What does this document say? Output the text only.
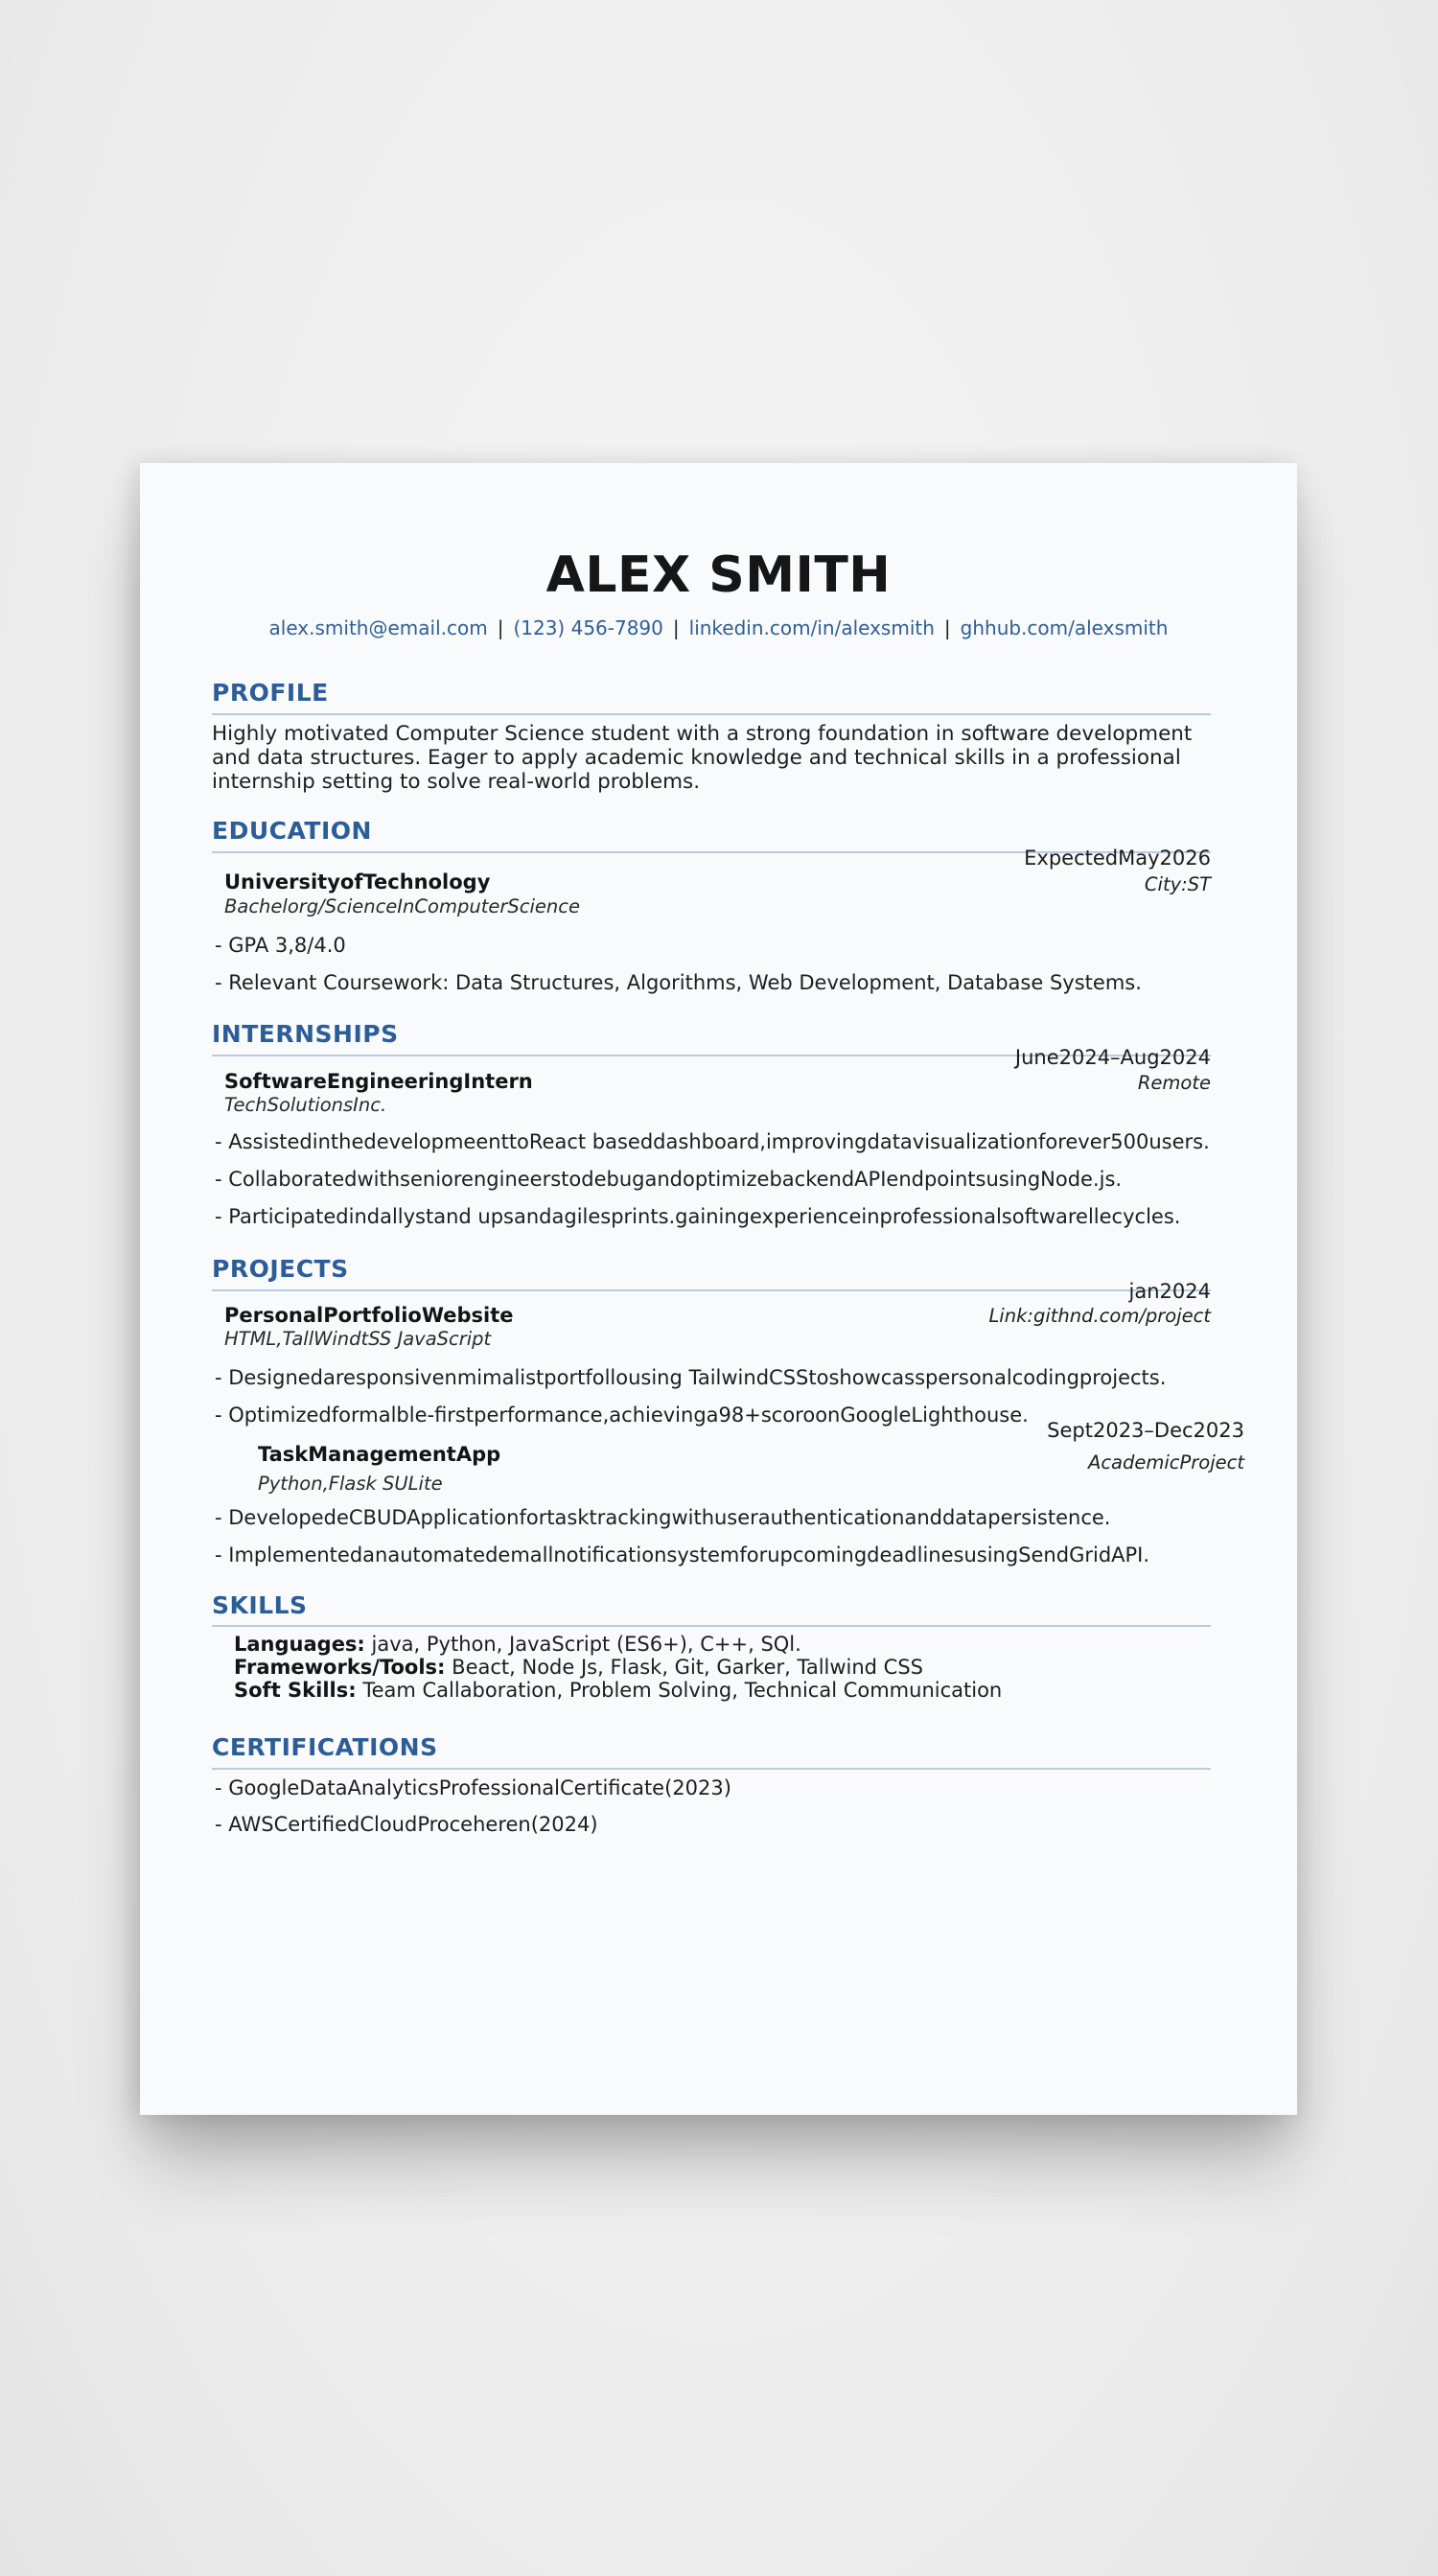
ALEX SMITH
alex.smith@email.com | (123) 456-7890 | linkedin.com/in/alexsmith | ghhub.com/alexsmith
PROFILE
Highly motivated Computer Science student with a strong foundation in software development and data structures. Eager to apply academic knowledge and technical skills in a professional internship setting to solve real-world problems.
EDUCATION
ExpectedMay2026
City:ST
UniversityofTechnology
Bachelorg/ScienceInComputerScience
- GPA 3,8/4.0
- Relevant Coursework: Data Structures, Algorithms, Web Development, Database Systems.
INTERNSHIPS
June2024–Aug2024
Remote
SoftwareEngineeringIntern
TechSolutionsInc.
- AssistedinthedevelopmeenttoReact baseddashboard,improvingdatavisualizationforever500users.
- CollaboratedwithseniorengineerstodebugandoptimizebackendAPIendpointsusingNode.js.
- Participatedindallystand upsandagilesprints.gainingexperienceinprofessionalsoftwarellecycles.
PROJECTS
jan2024
Link:githnd.com/project
PersonalPortfolioWebsite
HTML,TallWindtSS JavaScript
- Designedaresponsivenmimalistportfollousing TailwindCSStoshowcasspersonalcodingprojects.
- Optimizedformalble-firstperformance,achievinga98+scoroonGoogleLighthouse.
Sept2023–Dec2023
AcademicProject
TaskManagementApp
Python,Flask SULite
- DevelopedeCBUDApplicationfortasktrackingwithuserauthenticationanddatapersistence.
- ImplementedanautomatedemallnotificationsystemforupcomingdeadlinesusingSendGridAPI.
SKILLS
Languages: java, Python, JavaScript (ES6+), C++, SQl.
Frameworks/Tools: Beact, Node Js, Flask, Git, Garker, Tallwind CSS
Soft Skills: Team Callaboration, Problem Solving, Technical Communication
CERTIFICATIONS
- GoogleDataAnalyticsProfessionalCertificate(2023)
- AWSCertifiedCloudProceheren(2024)
